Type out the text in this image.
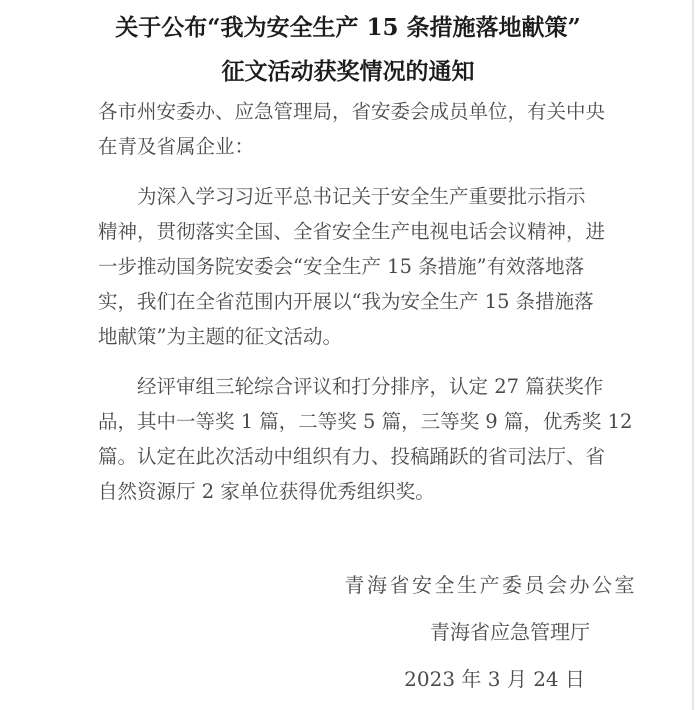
关于公布“我为安全生产 15 条措施落地献策”
征文活动获奖情况的通知
各市州安委办、应急管理局，省安委会成员单位，有关中央
在青及省属企业：
为深入学习习近平总书记关于安全生产重要批示指示
精神，贯彻落实全国、全省安全生产电视电话会议精神，进
一步推动国务院安委会“安全生产 15 条措施”有效落地落
实，我们在全省范围内开展以“我为安全生产 15 条措施落
地献策”为主题的征文活动。
经评审组三轮综合评议和打分排序，认定 27 篇获奖作
品，其中一等奖 1 篇，二等奖 5 篇，三等奖 9 篇，优秀奖 12
篇。认定在此次活动中组织有力、投稿踊跃的省司法厅、省
自然资源厅 2 家单位获得优秀组织奖。
青海省安全生产委员会办公室
青海省应急管理厅
2023 年 3 月 24 日
